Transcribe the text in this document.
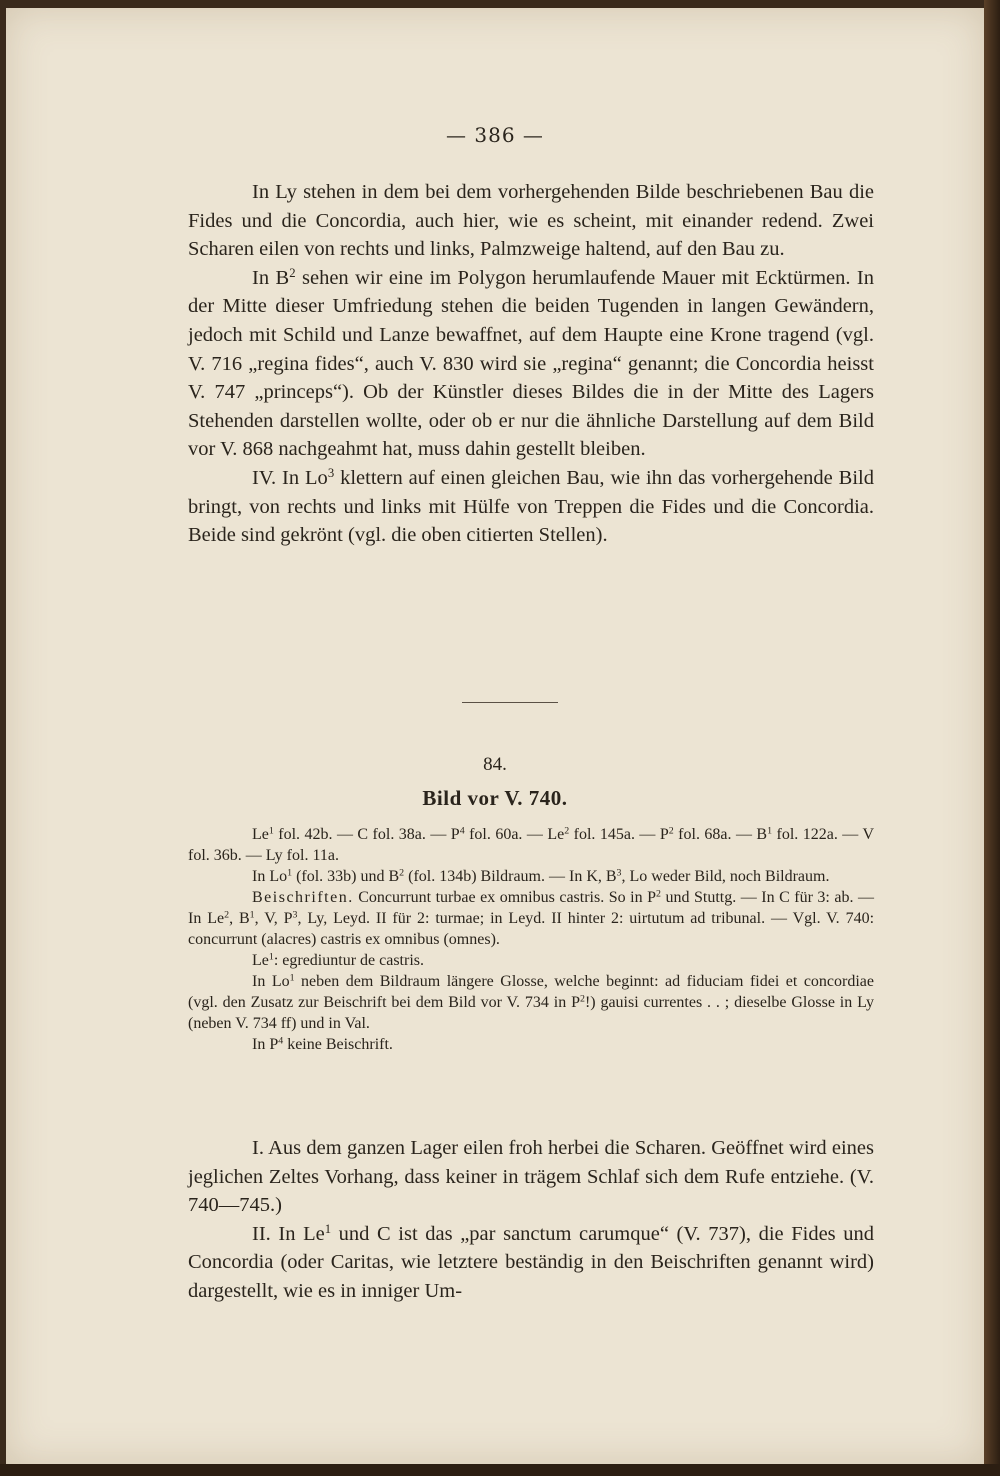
— 386 —
In Ly stehen in dem bei dem vorhergehenden Bilde beschriebenen Bau die Fides und die Concordia, auch hier, wie es scheint, mit einander redend. Zwei Scharen eilen von rechts und links, Palmzweige haltend, auf den Bau zu.
In $B^2$ sehen wir eine im Polygon herumlaufende Mauer mit Ecktürmen. In der Mitte dieser Umfriedung stehen die beiden Tugenden in langen Gewändern, jedoch mit Schild und Lanze bewaffnet, auf dem Haupte eine Krone tragend (vgl. V. 716 „regina fides“, auch V. 830 wird sie „regina“ genannt; die Concordia heisst V. 747 „princeps“). Ob der Künstler dieses Bildes die in der Mitte des Lagers Stehenden darstellen wollte, oder ob er nur die ähnliche Darstellung auf dem Bild vor V. 868 nachgeahmt hat, muss dahin gestellt bleiben.
IV. In Lo$^3$ klettern auf einen gleichen Bau, wie ihn das vorhergehende Bild bringt, von rechts und links mit Hülfe von Treppen die Fides und die Concordia. Beide sind gekrönt (vgl. die oben citierten Stellen).
84.
Bild vor V. 740.
Le$^1$ fol. 42b. — C fol. 38a. — $P^4$ fol. 60a. — Le$^2$ fol. 145a. — $P^2$ fol. 68a. — $B^1$ fol. 122a. — V fol. 36b. — Ly fol. 11a.
In Lo$^1$ (fol. 33b) und $B^2$ (fol. 134b) Bildraum. — In K, $B^3$, Lo weder Bild, noch Bildraum.
Beischriften. Concurrunt turbae ex omnibus castris. So in $P^2$ und Stuttg. — In C für 3: ab. — In Le$^2$, $B^1$, V, $P^3$, Ly, Leyd. II für 2: turmae; in Leyd. II hinter 2: uirtutum ad tribunal. — Vgl. V. 740: concurrunt (alacres) castris ex omnibus (omnes).
Le$^1$: egrediuntur de castris.
In Lo$^1$ neben dem Bildraum längere Glosse, welche beginnt: ad fiduciam fidei et concordiae (vgl. den Zusatz zur Beischrift bei dem Bild vor V. 734 in $P^2$!) gauisi currentes . . ; dieselbe Glosse in Ly (neben V. 734 ff) und in Val.
In $P^4$ keine Beischrift.
I. Aus dem ganzen Lager eilen froh herbei die Scharen. Geöffnet wird eines jeglichen Zeltes Vorhang, dass keiner in trägem Schlaf sich dem Rufe entziehe. (V. 740—745.)
II. In Le$^1$ und C ist das „par sanctum carumque“ (V. 737), die Fides und Concordia (oder Caritas, wie letztere beständig in den Beischriften genannt wird) dargestellt, wie es in inniger Um-
